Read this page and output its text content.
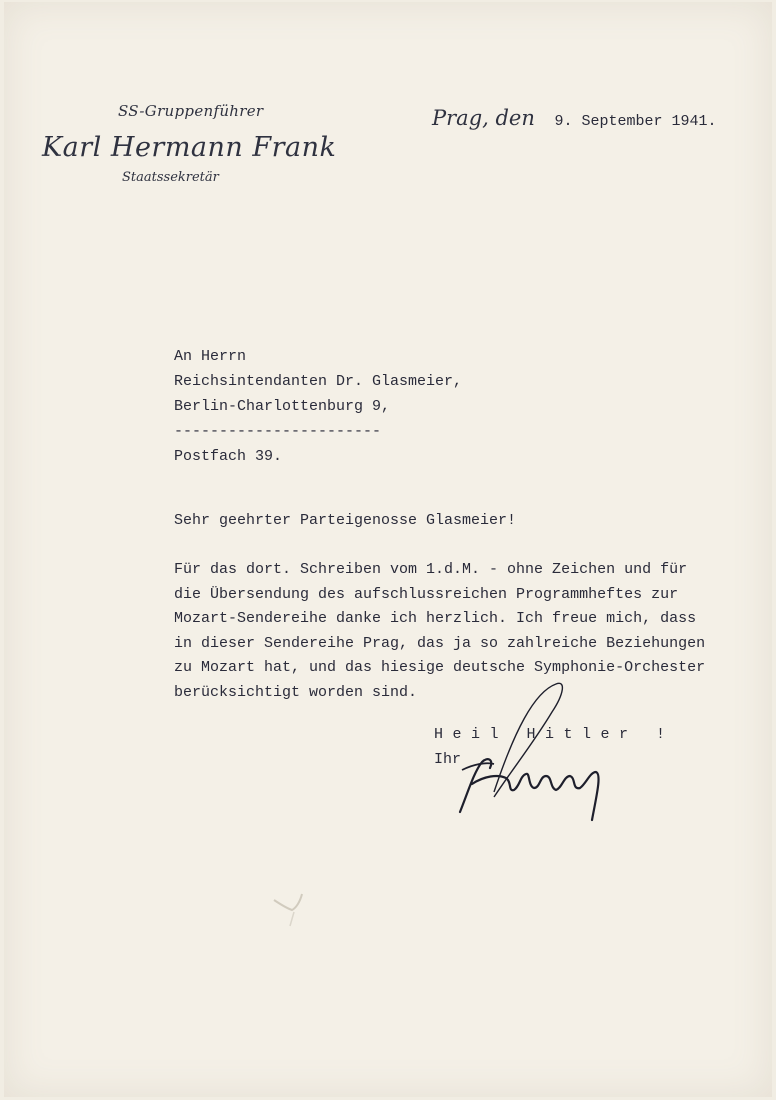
SS-Gruppenführer
Karl Hermann Frank
Staatssekretär
Prag, den 9. September 1941.
An Herrn
Reichsintendanten Dr. Glasmeier,
Berlin-Charlottenburg 9,
-----------------------
Postfach 39.
Sehr geehrter Parteigenosse Glasmeier!
Für das dort. Schreiben vom 1.d.M. - ohne Zeichen und für
die Übersendung des aufschlussreichen Programmheftes zur
Mozart-Sendereihe danke ich herzlich. Ich freue mich, dass
in dieser Sendereihe Prag, das ja so zahlreiche Beziehungen
zu Mozart hat, und das hiesige deutsche Symphonie-Orchester
berücksichtigt worden sind.
Heil Hitler !
Ihr
